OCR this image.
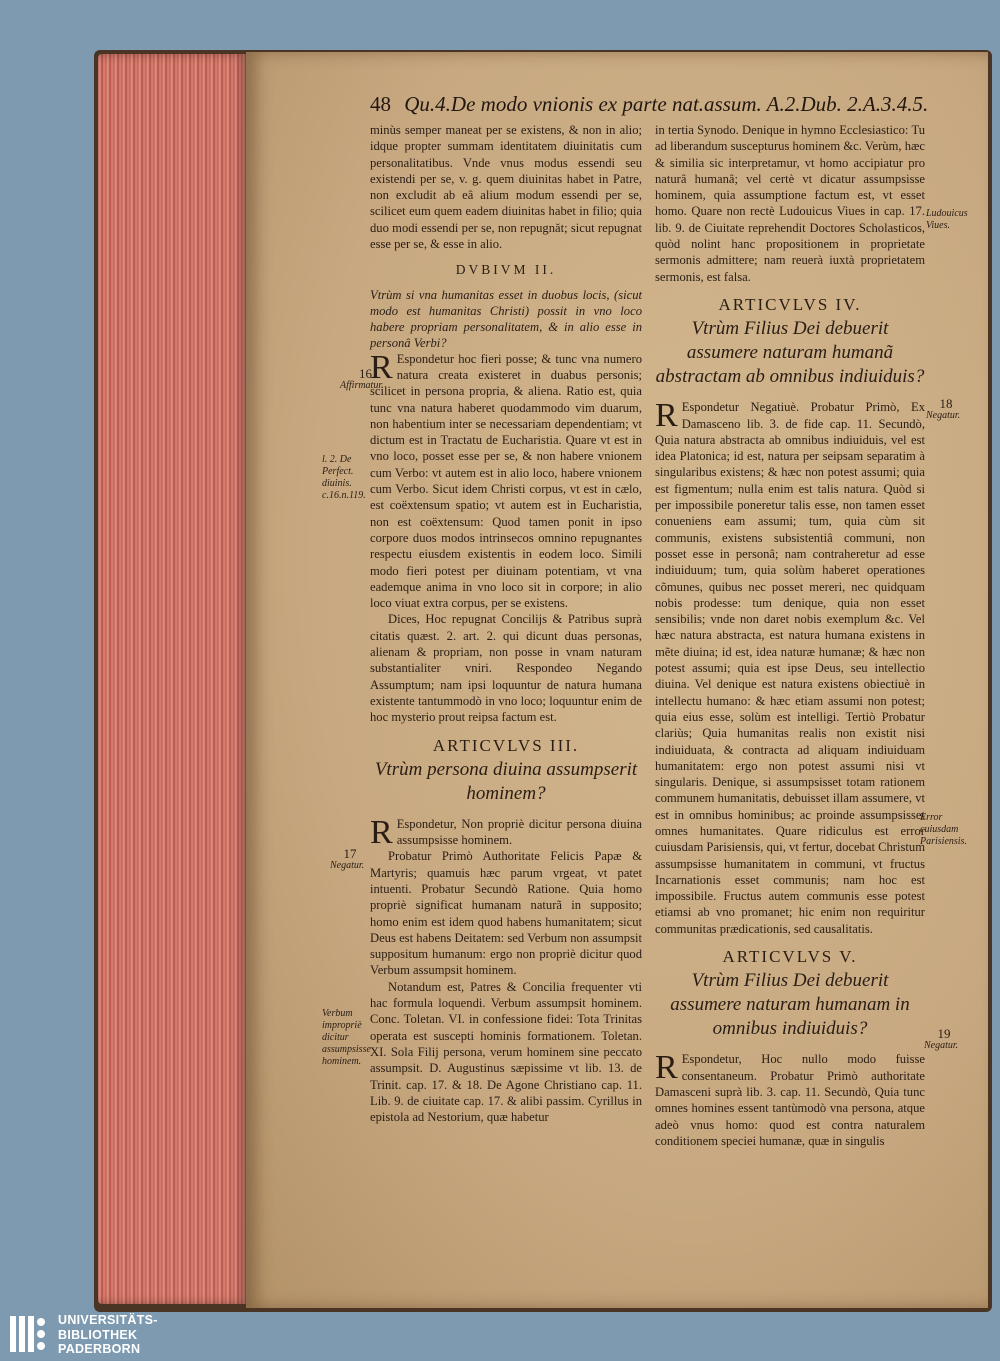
48 Qu.4.De modo vnionis ex parte nat.assum. A.2.Dub. 2.A.3.4.5.

minùs semper maneat per se existens, & non in alio; idque propter summam identitatem diuinitatis cum personalitatibus. Vnde vnus modus essendi seu existendi per se, v. g. quem diuinitas habet in Patre, non excludit ab eâ alium modum essendi per se, scilicet eum quem eadem diuinitas habet in filio; quia duo modi essendi per se, non repugnăt; sicut repugnat esse per se, & esse in alio.

DVBIVM II.

Vtrùm si vna humanitas esset in duobus locis, (sicut modo est humanitas Christi) possit in vno loco habere propriam personalitatem, & in alio esse in personâ Verbi?

R Espondetur hoc fieri posse; & tunc vna numero natura creata existeret in duabus personis; scilicet in persona propria, & aliena. Ratio est, quia tunc vna natura haberet quodammodo vim duarum, non habentium inter se necessariam dependentiam; vt dictum est in Tractatu de Eucharistia. Quare vt est in vno loco, posset esse per se, & non habere vnionem cum Verbo: vt autem est in alio loco, habere vnionem cum Verbo. Sicut idem Christi corpus, vt est in cælo, est coëxtensum spatio; vt autem est in Eucharistia, non est coëxtensum: Quod tamen ponit in ipso corpore duos modos intrinsecos omnino repugnantes respectu eiusdem existentis in eodem loco. Simili modo fieri potest per diuinam potentiam, vt vna eademque anima in vno loco sit in corpore; in alio loco viuat extra corpus, per se existens.

Dices, Hoc repugnat Concilijs & Patribus suprà citatis quæst. 2. art. 2. qui dicunt duas personas, alienam & propriam, non posse in vnam naturam substantialiter vniri. Respondeo Negando Assumptum; nam ipsi loquuntur de natura humana existente tantummodò in vno loco; loquuntur enim de hoc mysterio prout reipsa factum est.

ARTICVLVS III.
Vtrùm persona diuina assumpserit hominem?

R Espondetur, Non propriè dicitur persona diuina assumpsisse hominem.

Probatur Primò Authoritate Felicis Papæ & Martyris; quamuis hæc parum vrgeat, vt patet intuenti. Probatur Secundò Ratione. Quia homo propriè significat humanam naturã in supposito; homo enim est idem quod habens humanitatem; sicut Deus est habens Deitatem: sed Verbum non assumpsit suppositum humanum: ergo non propriè dicitur quod Verbum assumpsit hominem.

Notandum est, Patres & Concilia frequenter vti hac formula loquendi. Verbum assumpsit hominem. Conc. Toletan. VI. in confessione fidei: Tota Trinitas operata est suscepti hominis formationem. Toletan. XI. Sola Filij persona, verum hominem sine peccato assumpsit. D. Augustinus sæpissime vt lib. 13. de Trinit. cap. 17. & 18. De Agone Christiano cap. 11. Lib. 9. de ciuitate cap. 17. & alibi passim. Cyrillus in epistola ad Nestorium, quæ habetur

in tertia Synodo. Denique in hymno Ecclesiastico: Tu ad liberandum suscepturus hominem &c. Verùm, hæc & similia sic interpretamur, vt homo accipiatur pro naturâ humanâ; vel certè vt dicatur assumpsisse hominem, quia assumptione factum est, vt esset homo. Quare non rectè Ludouicus Viues in cap. 17. lib. 9. de Ciuitate reprehendit Doctores Scholasticos, quòd nolint hanc propositionem in proprietate sermonis admittere; nam reuerà iuxtà proprietatem sermonis, est falsa.

ARTICVLVS IV.
Vtrùm Filius Dei debuerit assumere naturam humanã abstractam ab omnibus indiuiduis?

R Espondetur Negatiuè. Probatur Primò, Ex Damasceno lib. 3. de fide cap. 11. Secundò, Quia natura abstracta ab omnibus indiuiduis, vel est idea Platonica; id est, natura per seipsam separatim à singularibus existens; & hæc non potest assumi; quia est figmentum; nulla enim est talis natura. Quòd si per impossibile poneretur talis esse, non tamen esset conueniens eam assumi; tum, quia cùm sit communis, existens subsistentiâ communi, non posset esse in personâ; nam contraheretur ad esse indiuiduum; tum, quia solùm haberet operationes cõmunes, quibus nec posset mereri, nec quidquam nobis prodesse: tum denique, quia non esset sensibilis; vnde non daret nobis exemplum &c. Vel hæc natura abstracta, est natura humana existens in mẽte diuina; id est, idea naturæ humanæ; & hæc non potest assumi; quia est ipse Deus, seu intellectio diuina. Vel denique est natura existens obiectiuè in intellectu humano: & hæc etiam assumi non potest; quia eius esse, solùm est intelligi. Tertiò Probatur clariùs; Quia humanitas realis non existit nisi indiuiduata, & contracta ad aliquam indiuiduam humanitatem: ergo non potest assumi nisi vt singularis. Denique, si assumpsisset totam rationem communem humanitatis, debuisset illam assumere, vt est in omnibus hominibus; ac proinde assumpsisset omnes humanitates. Quare ridiculus est error cuiusdam Parisiensis, qui, vt fertur, docebat Christum assumpsisse humanitatem in communi, vt fructus Incarnationis esset communis; nam hoc est impossibile. Fructus autem communis esse potest etiamsi ab vno promanet; hic enim non requiritur communitas prædicationis, sed causalitatis.

ARTICVLVS V.
Vtrùm Filius Dei debuerit assumere naturam humanam in omnibus indiuiduis?

R Espondetur, Hoc nullo modo fuisse consentaneum. Probatur Primò authoritate Damasceni suprà lib. 3. cap. 11. Secundò, Quia tunc omnes homines essent tantùmodò vna persona, atque adeò vnus homo: quod est contra naturalem conditionem speciei humanæ, quæ in singulis

16
Affirmatur.
l. 2. De Perfect. diuinis. c.16.n.119.
17
Negatur.
Verbum impropriè dicitur assumpsisse hominem.
Ludouicus Viues.
18
Negatur.
Error cuiusdam Parisiensis.
19
Negatur.
UNIVERSITÄTS-
BIBLIOTHEK
PADERBORN
